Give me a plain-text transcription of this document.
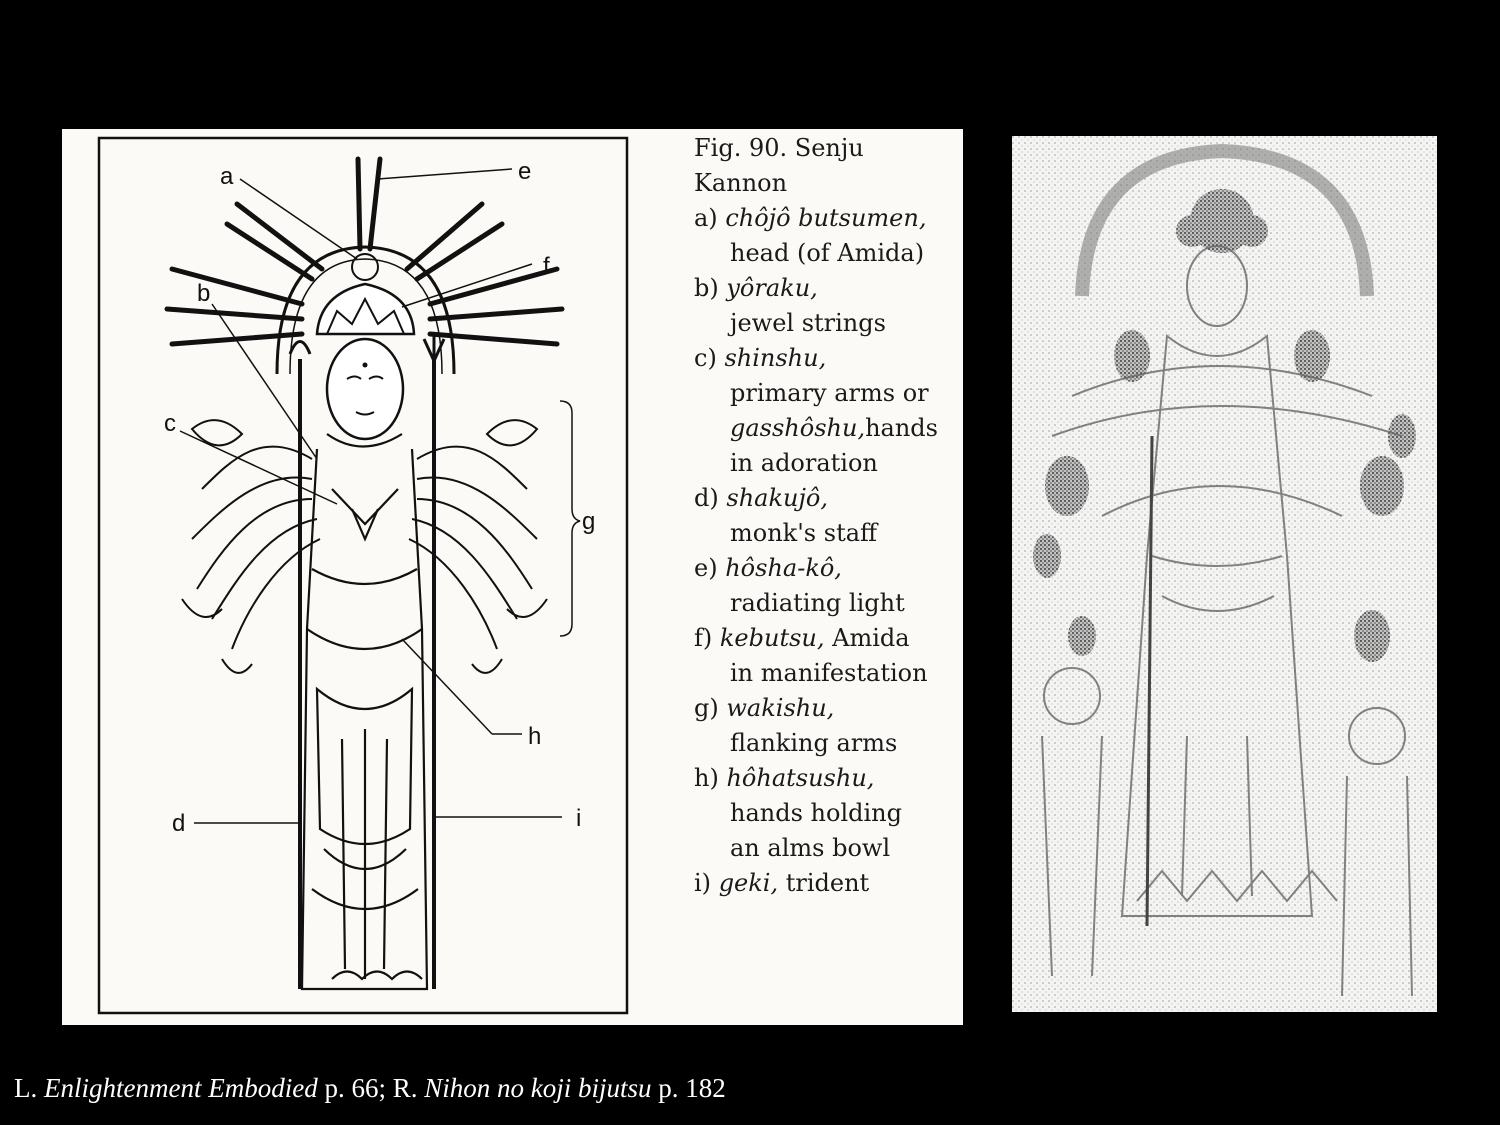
a
b
c
d
e
f
g
h
i
Fig. 90. Senju
Kannon
a) chôjô butsumen,
head (of Amida)
b) yôraku,
jewel strings
c) shinshu,
primary arms or
gasshôshu,hands
in adoration
d) shakujô,
monk's staff
e) hôsha-kô,
radiating light
f) kebutsu, Amida
in manifestation
g) wakishu,
flanking arms
h) hôhatsushu,
hands holding
an alms bowl
i) geki, trident
L. Enlightenment Embodied p. 66; R. Nihon no koji bijutsu p. 182
